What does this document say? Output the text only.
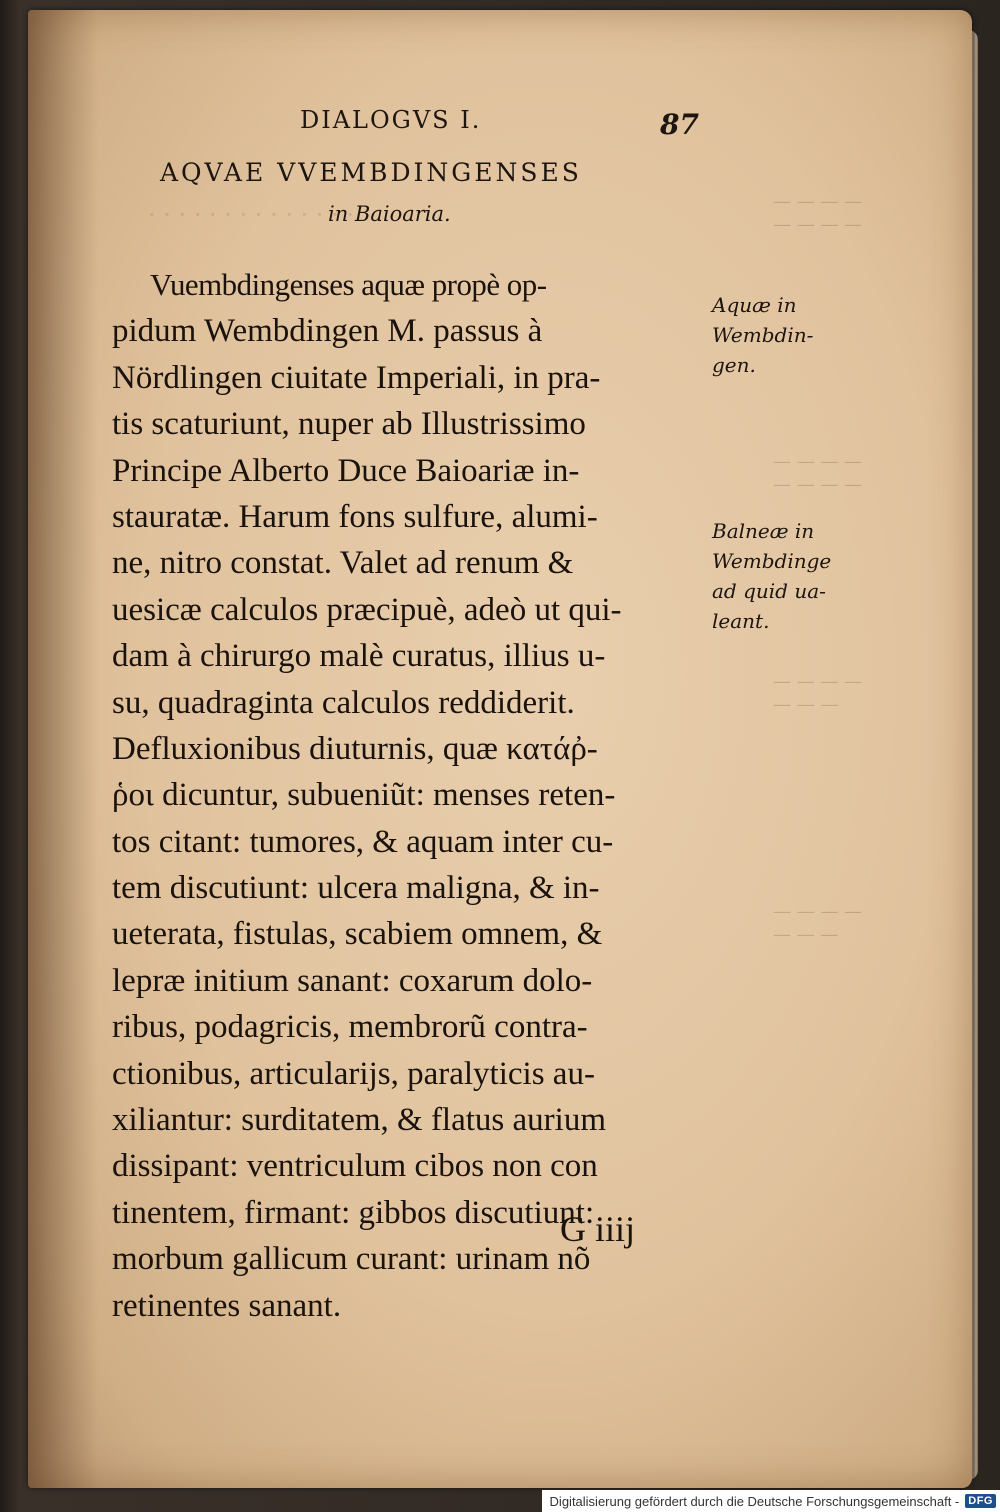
· · · · · · · · · · · · · ·	— — — —
— — — —
— — — —
— — — —
— — — —
— — —
— — — —
— — —
DIALOGVS I.	87
AQVAE VVEMBDINGENSES
in Baioaria.
Vuembdingenses aquæ propè op-
pidum Wembdingen M. passus à
Nördlingen ciuitate Imperiali, in pra-
tis scaturiunt, nuper ab Illustrissimo
Principe Alberto Duce Baioariæ in-
stauratæ. Harum fons sulfure, alumi-
ne, nitro constat. Valet ad renum &
uesicæ calculos præcipuè, adeò ut qui-
dam à chirurgo malè curatus, illius u-
su, quadraginta calculos reddiderit.
Defluxionibus diuturnis, quæ κατάῤ-
ῥοι dicuntur, subueniũt: menses reten-
tos citant: tumores, & aquam inter cu-
tem discutiunt: ulcera maligna, & in-
ueterata, fistulas, scabiem omnem, &
lepræ initium sanant: coxarum dolo-
ribus, podagricis, membrorũ contra-
ctionibus, articularijs, paralyticis au-
xiliantur: surditatem, & flatus aurium
dissipant: ventriculum cibos non con
tinentem, firmant: gibbos discutiunt:
morbum gallicum curant: urinam nõ
retinentes sanant.
G iiij
Aquæ in
Wembdin-
gen.
Balneæ in
Wembdinge
ad quid ua-
leant.
Digitalisierung gefördert durch die Deutsche Forschungsgemeinschaft - DFG
